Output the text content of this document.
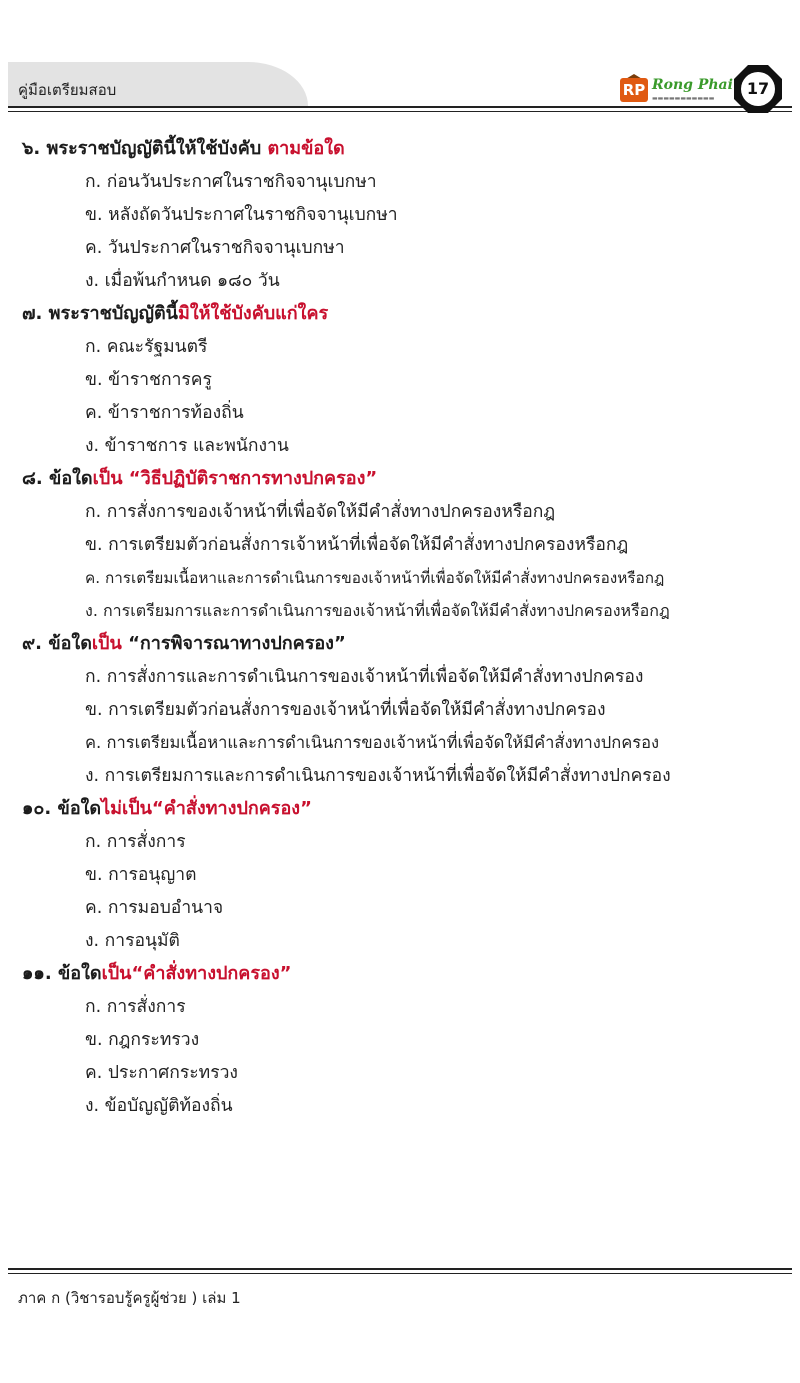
คู่มือเตรียมสอบ	RP Rong Phai
▬▬▬▬▬▬▬▬▬▬▬
17
๖. พระราชบัญญัตินี้ให้ใช้บังคับ ตามข้อใด
ก. ก่อนวันประกาศในราชกิจจานุเบกษา
ข. หลังถัดวันประกาศในราชกิจจานุเบกษา
ค. วันประกาศในราชกิจจานุเบกษา
ง. เมื่อพ้นกำหนด ๑๘๐ วัน
๗. พระราชบัญญัตินี้มิให้ใช้บังคับแก่ใคร
ก. คณะรัฐมนตรี
ข. ข้าราชการครู
ค. ข้าราชการท้องถิ่น
ง. ข้าราชการ และพนักงาน
๘. ข้อใดเป็น “วิธีปฏิบัติราชการทางปกครอง”
ก. การสั่งการของเจ้าหน้าที่เพื่อจัดให้มีคำสั่งทางปกครองหรือกฎ
ข. การเตรียมตัวก่อนสั่งการเจ้าหน้าที่เพื่อจัดให้มีคำสั่งทางปกครองหรือกฎ
ค. การเตรียมเนื้อหาและการดำเนินการของเจ้าหน้าที่เพื่อจัดให้มีคำสั่งทางปกครองหรือกฎ
ง. การเตรียมการและการดำเนินการของเจ้าหน้าที่เพื่อจัดให้มีคำสั่งทางปกครองหรือกฎ
๙. ข้อใดเป็น “การพิจารณาทางปกครอง”
ก. การสั่งการและการดำเนินการของเจ้าหน้าที่เพื่อจัดให้มีคำสั่งทางปกครอง
ข. การเตรียมตัวก่อนสั่งการของเจ้าหน้าที่เพื่อจัดให้มีคำสั่งทางปกครอง
ค. การเตรียมเนื้อหาและการดำเนินการของเจ้าหน้าที่เพื่อจัดให้มีคำสั่งทางปกครอง
ง. การเตรียมการและการดำเนินการของเจ้าหน้าที่เพื่อจัดให้มีคำสั่งทางปกครอง
๑๐. ข้อใดไม่เป็น“คำสั่งทางปกครอง”
ก. การสั่งการ
ข. การอนุญาต
ค. การมอบอำนาจ
ง. การอนุมัติ
๑๑. ข้อใดเป็น“คำสั่งทางปกครอง”
ก. การสั่งการ
ข. กฎกระทรวง
ค. ประกาศกระทรวง
ง. ข้อบัญญัติท้องถิ่น
ภาค ก (วิชารอบรู้ครูผู้ช่วย ) เล่ม 1
